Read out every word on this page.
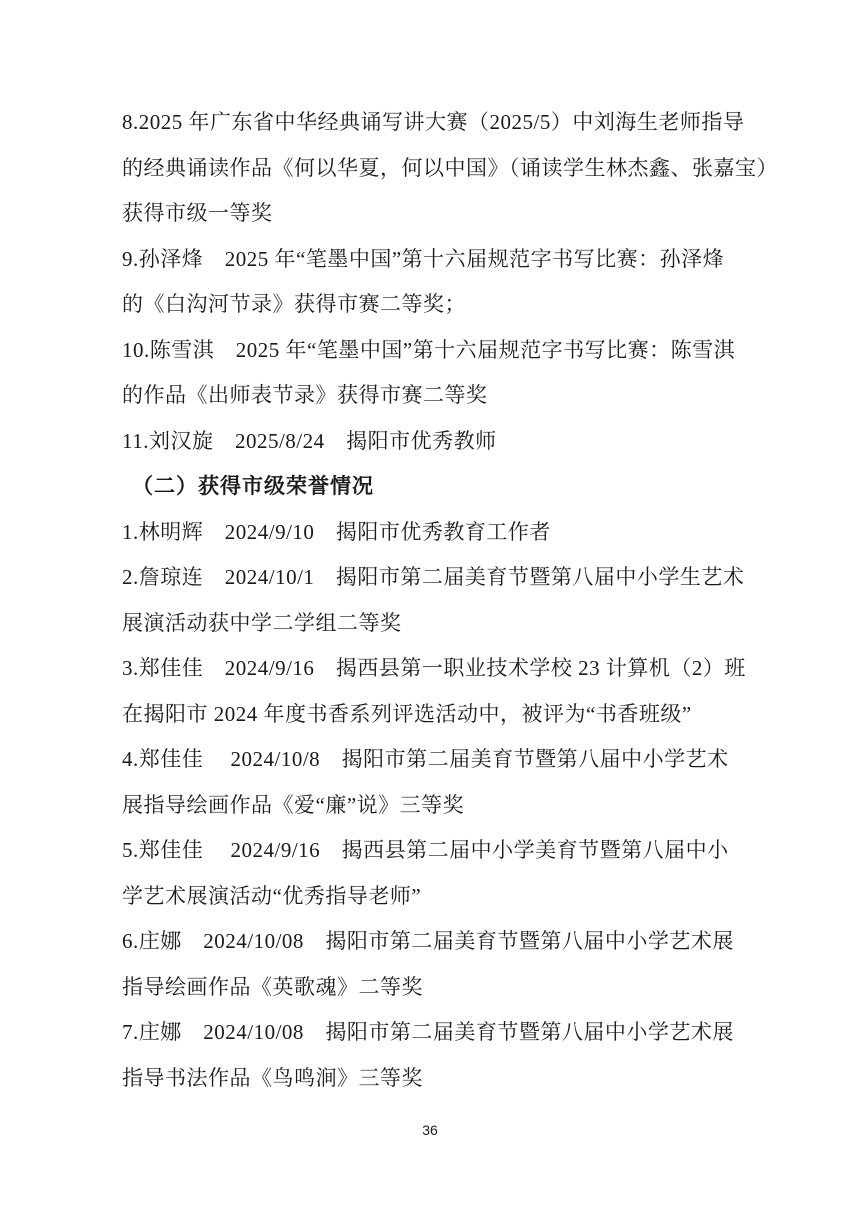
8.2025 年广东省中华经典诵写讲大赛（2025/5）中刘海生老师指导

的经典诵读作品《何以华夏，何以中国》（诵读学生林杰鑫、张嘉宝）

获得市级一等奖

9.孙泽烽　2025 年“笔墨中国”第十六届规范字书写比赛：孙泽烽

的《白沟河节录》获得市赛二等奖；

10.陈雪淇　2025 年“笔墨中国”第十六届规范字书写比赛：陈雪淇

的作品《出师表节录》获得市赛二等奖

11.刘汉旋　2025/8/24　揭阳市优秀教师

（二）获得市级荣誉情况

1.林明辉　2024/9/10　揭阳市优秀教育工作者

2.詹琼连　2024/10/1　揭阳市第二届美育节暨第八届中小学生艺术

展演活动获中学二学组二等奖

3.郑佳佳　2024/9/16　揭西县第一职业技术学校 23 计算机（2）班

在揭阳市 2024 年度书香系列评选活动中，被评为“书香班级”

4.郑佳佳　 2024/10/8　揭阳市第二届美育节暨第八届中小学艺术

展指导绘画作品《爱“廉”说》三等奖

5.郑佳佳　 2024/9/16　揭西县第二届中小学美育节暨第八届中小

学艺术展演活动“优秀指导老师”

6.庄娜　2024/10/08　揭阳市第二届美育节暨第八届中小学艺术展

指导绘画作品《英歌魂》二等奖

7.庄娜　2024/10/08　揭阳市第二届美育节暨第八届中小学艺术展

指导书法作品《鸟鸣涧》三等奖

36
